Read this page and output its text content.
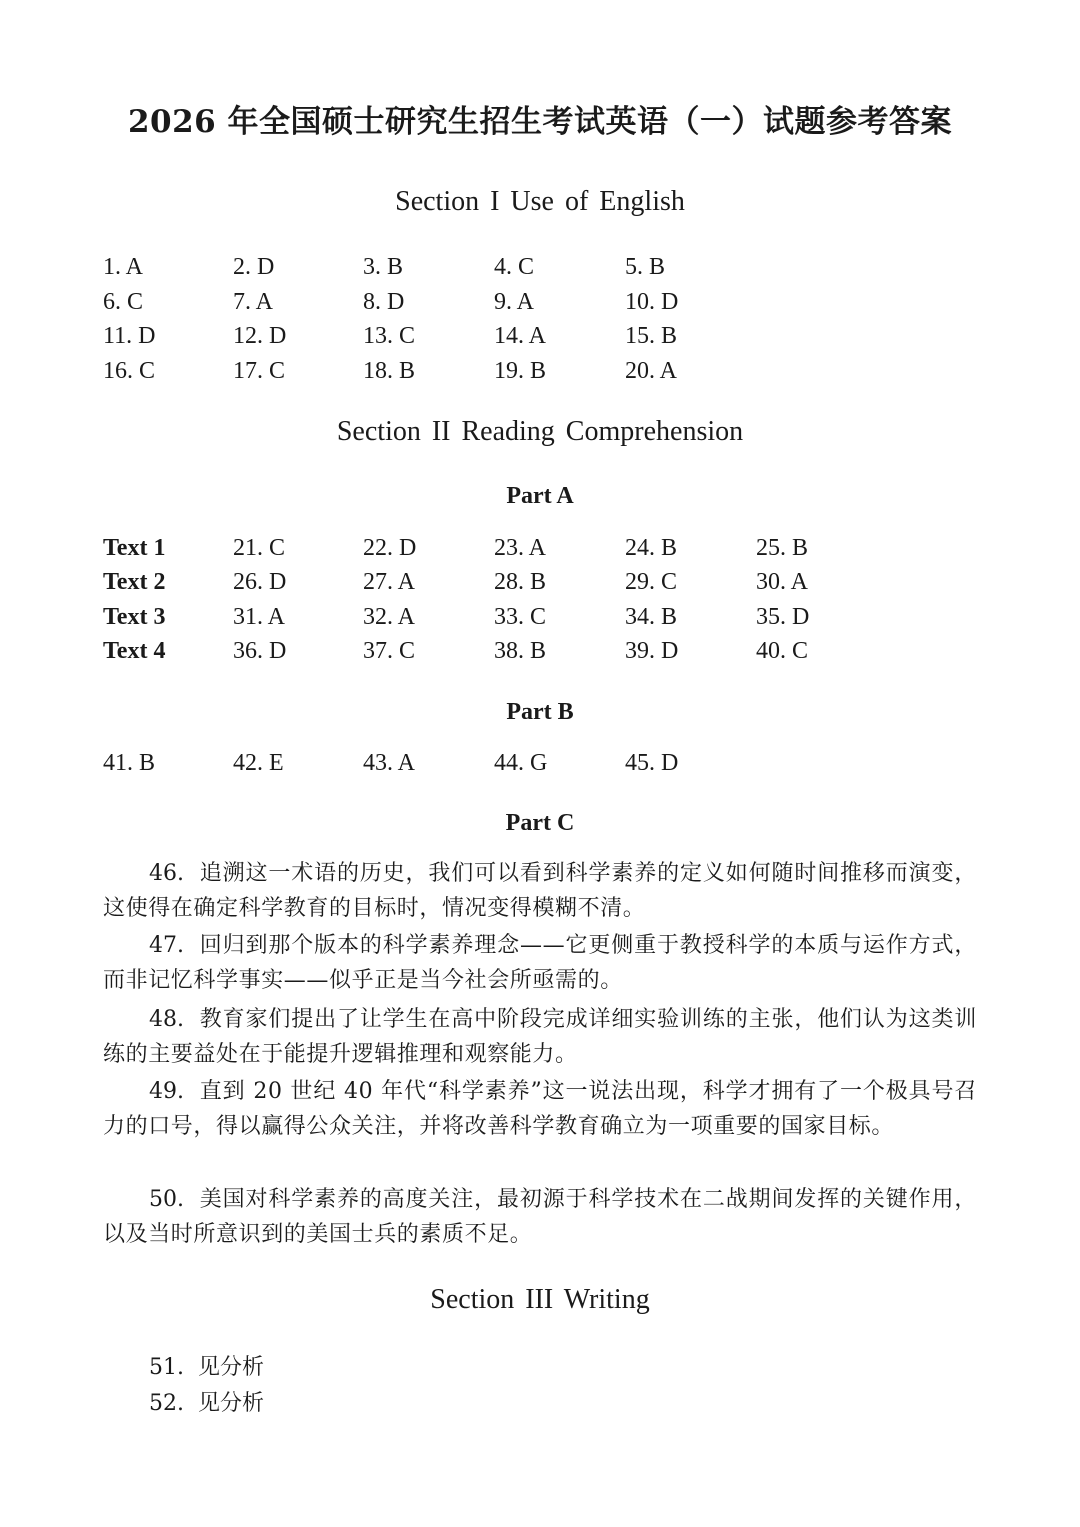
2026 年全国硕士研究生招生考试英语（一）试题参考答案
Section I Use of English
1. A	2. D	3. B	4. C	5. B
6. C	7. A	8. D	9. A	10. D
11. D	12. D	13. C	14. A	15. B
16. C	17. C	18. B	19. B	20. A
Section II Reading Comprehension
Part A
Text 1	21. C	22. D	23. A	24. B	25. B
Text 2	26. D	27. A	28. B	29. C	30. A
Text 3	31. A	32. A	33. C	34. B	35. D
Text 4	36. D	37. C	38. B	39. D	40. C
Part B
41. B	42. E	43. A	44. G	45. D
Part C
46. 追溯这一术语的历史，我们可以看到科学素养的定义如何随时间推移而演变，这使得在确定科学教育的目标时，情况变得模糊不清。
47. 回归到那个版本的科学素养理念——它更侧重于教授科学的本质与运作方式，而非记忆科学事实——似乎正是当今社会所亟需的。
48. 教育家们提出了让学生在高中阶段完成详细实验训练的主张，他们认为这类训练的主要益处在于能提升逻辑推理和观察能力。
49. 直到 20 世纪 40 年代“科学素养”这一说法出现，科学才拥有了一个极具号召力的口号，得以赢得公众关注，并将改善科学教育确立为一项重要的国家目标。
50. 美国对科学素养的高度关注，最初源于科学技术在二战期间发挥的关键作用，以及当时所意识到的美国士兵的素质不足。
Section III Writing
51. 见分析
52. 见分析
